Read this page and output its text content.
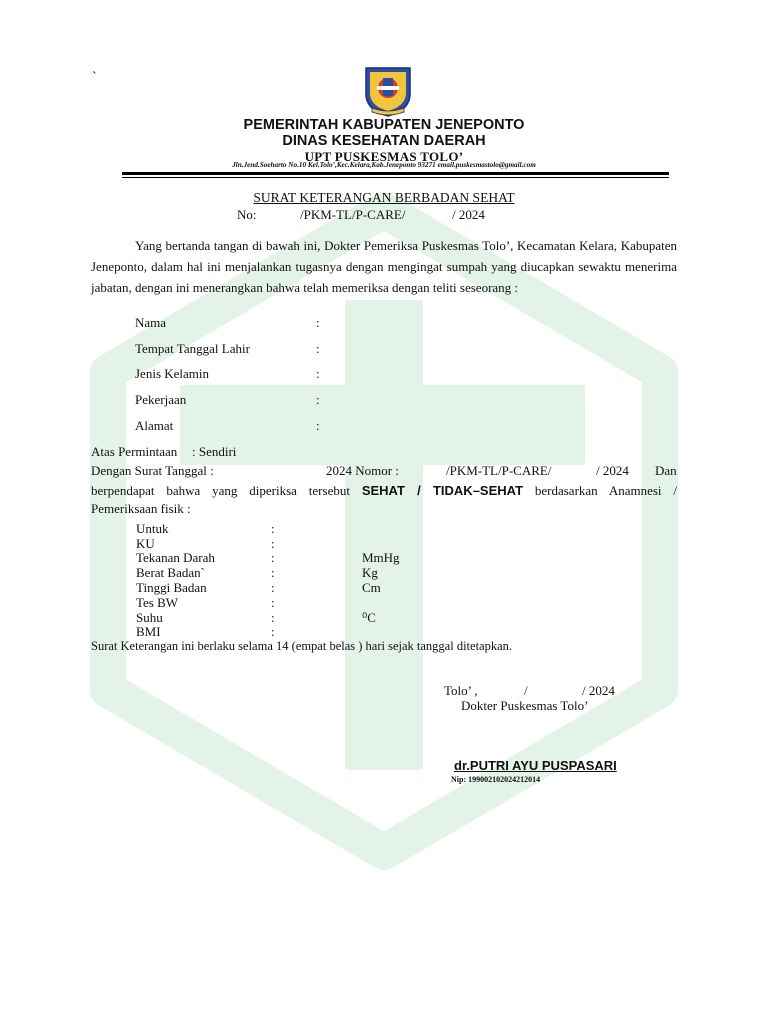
`
PEMERINTAH KABUPATEN JENEPONTO
DINAS KESEHATAN DAERAH
UPT PUSKESMAS TOLO’
Jln.Jend.Soeharto No.10 Kel.Tolo’,Kec.Kelara,Kab.Jeneponto 93271 email.puskesmastolo@gmail.com
SURAT KETERANGAN BERBADAN SEHAT
No:	/PKM-TL/P-CARE/	/ 2024
Yang bertanda tangan di bawah ini, Dokter Pemeriksa Puskesmas Tolo’, Kecamatan Kelara, Kabupaten Jeneponto, dalam hal ini menjalankan tugasnya dengan mengingat sumpah yang diucapkan sewaktu menerima jabatan, dengan ini menerangkan bahwa telah memeriksa dengan teliti seseorang :
Nama	:
Tempat Tanggal Lahir	:
Jenis Kelamin	:
Pekerjaan	:
Alamat	:
Atas Permintaan : Sendiri
Dengan Surat Tanggal :	2024 Nomor :	/PKM-TL/P-CARE/	/ 2024 Dan
berpendapat bahwa yang diperiksa tersebut SEHAT / TIDAK–SEHAT berdasarkan Anamnesi /
Pemeriksaan fisik :
Untuk	:
KU	:
Tekanan Darah	:	MmHg
Berat Badan`	:	Kg
Tinggi Badan	:	Cm
Tes BW	:
Suhu	:	⁰C
BMI	:
Surat Keterangan ini berlaku selama 14 (empat belas ) hari sejak tanggal ditetapkan.
Tolo’ ,	/	/ 2024
Dokter Puskesmas Tolo’
dr.PUTRI AYU PUSPASARI
Nip: 199002102024212014
